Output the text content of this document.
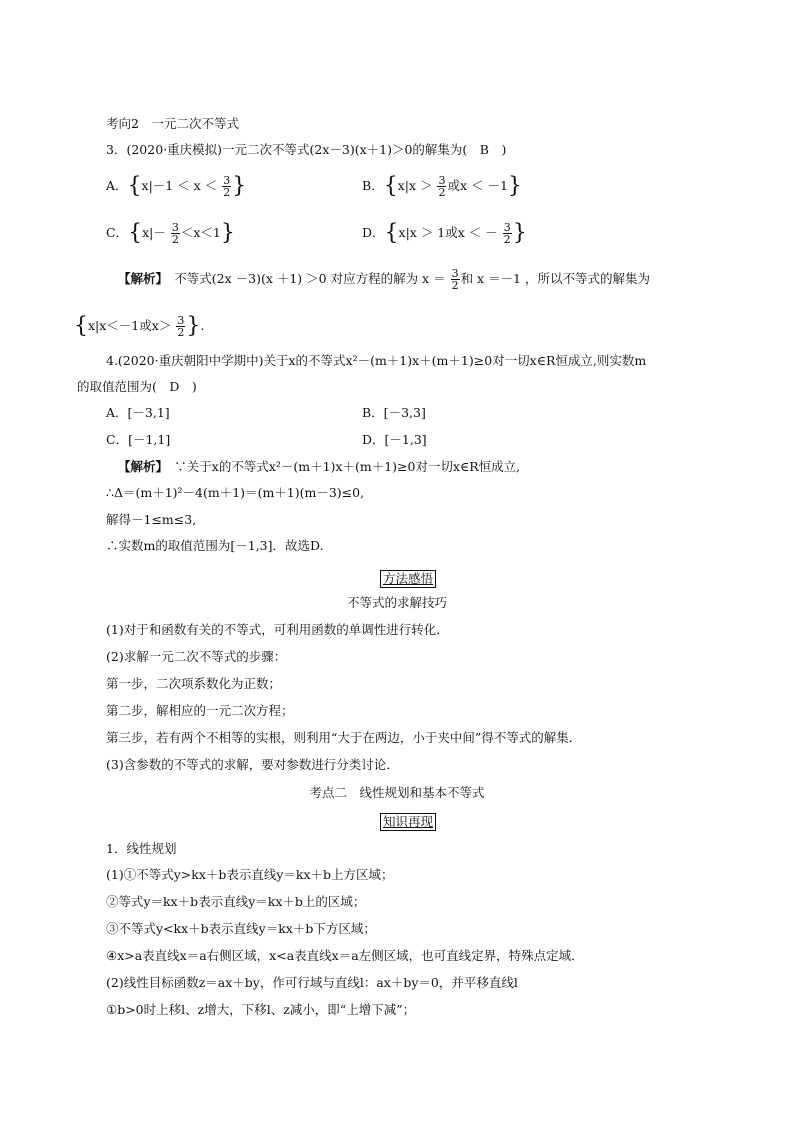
考向2　一元二次不等式
3．(2020·重庆模拟)一元二次不等式(2x－3)(x＋1)＞0的解集为(　B　)
A．{$x|-1 < x < \frac{3}{2}$ }	B．{$x|x > \frac{3}{2}$ 或x ＜ －1}
C．$\{x|- \frac{3}{2} <x<1\}$	D．{x|x ＞ 1或x ＜ － $\frac{3}{2}$ }
【解析】　不等式(2x －3)(x ＋1) ＞0 对应方程的解为 $x = \frac{3}{2}$ 和 x ＝－1 ，所以不等式的解集为
{x|x＜－1或$x> \frac{3}{2}$ }.
4.(2020·重庆朝阳中学期中)关于x的不等式x²－(m＋1)x＋(m＋1)≥0对一切x∈R恒成立,则实数m
的取值范围为(　D　)
A．[－3,1]	B．[－3,3]
C．[－1,1]	D．[－1,3]
【解析】　∵关于x的不等式x²－(m＋1)x＋(m＋1)≥0对一切x∈R恒成立,
∴Δ＝(m＋1)²－4(m＋1)＝(m＋1)(m－3)≤0,
解得－1≤m≤3,
∴实数m的取值范围为[－1,3]．故选D.
方法感悟
不等式的求解技巧
(1)对于和函数有关的不等式，可利用函数的单调性进行转化．
(2)求解一元二次不等式的步骤：
第一步，二次项系数化为正数；
第二步，解相应的一元二次方程；
第三步，若有两个不相等的实根，则利用“大于在两边，小于夹中间”得不等式的解集．
(3)含参数的不等式的求解，要对参数进行分类讨论．
考点二　线性规划和基本不等式
知识再现
1．线性规划
(1)①不等式y>kx＋b表示直线y＝kx＋b上方区域；
②等式y＝kx＋b表示直线y＝kx＋b上的区域；
③不等式y<kx＋b表示直线y＝kx＋b下方区域；
④x>a表直线x＝a右侧区域，x<a表直线x＝a左侧区域，也可直线定界，特殊点定域．
(2)线性目标函数z＝ax＋by，作可行域与直线l：ax＋by＝0，并平移直线l
①b>0时上移l、z增大，下移l、z减小，即“上增下减”；
